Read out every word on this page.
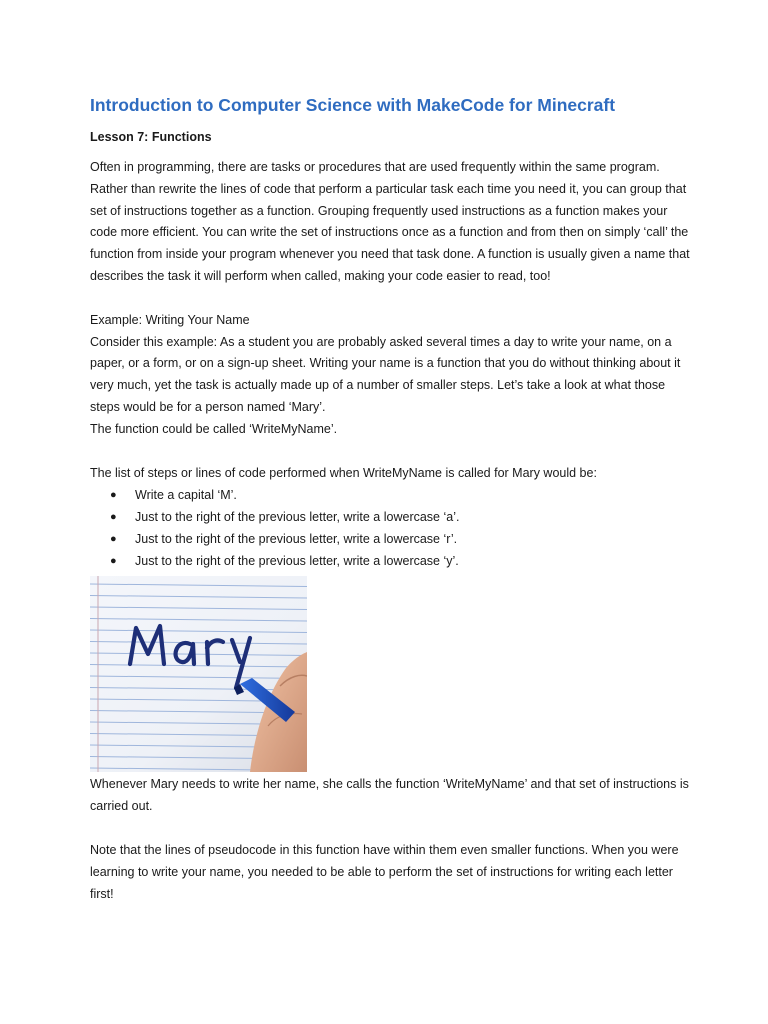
Introduction to Computer Science with MakeCode for Minecraft
Lesson 7: Functions

Often in programming, there are tasks or procedures that are used frequently within the same program. Rather than rewrite the lines of code that perform a particular task each time you need it, you can group that set of instructions together as a function. Grouping frequently used instructions as a function makes your code more efficient. You can write the set of instructions once as a function and from then on simply ‘call’ the function from inside your program whenever you need that task done. A function is usually given a name that describes the task it will perform when called, making your code easier to read, too!

Example: Writing Your Name

Consider this example: As a student you are probably asked several times a day to write your name, on a paper, or a form, or on a sign-up sheet. Writing your name is a function that you do without thinking about it very much, yet the task is actually made up of a number of smaller steps. Let’s take a look at what those steps would be for a person named ‘Mary’.

The function could be called ‘WriteMyName’.

The list of steps or lines of code performed when WriteMyName is called for Mary would be:

● Write a capital ‘M’.
● Just to the right of the previous letter, write a lowercase ‘a’.
● Just to the right of the previous letter, write a lowercase ‘r’.
● Just to the right of the previous letter, write a lowercase ‘y’.

Whenever Mary needs to write her name, she calls the function ‘WriteMyName’ and that set of instructions is carried out.

Note that the lines of pseudocode in this function have within them even smaller functions. When you were learning to write your name, you needed to be able to perform the set of instructions for writing each letter first!
